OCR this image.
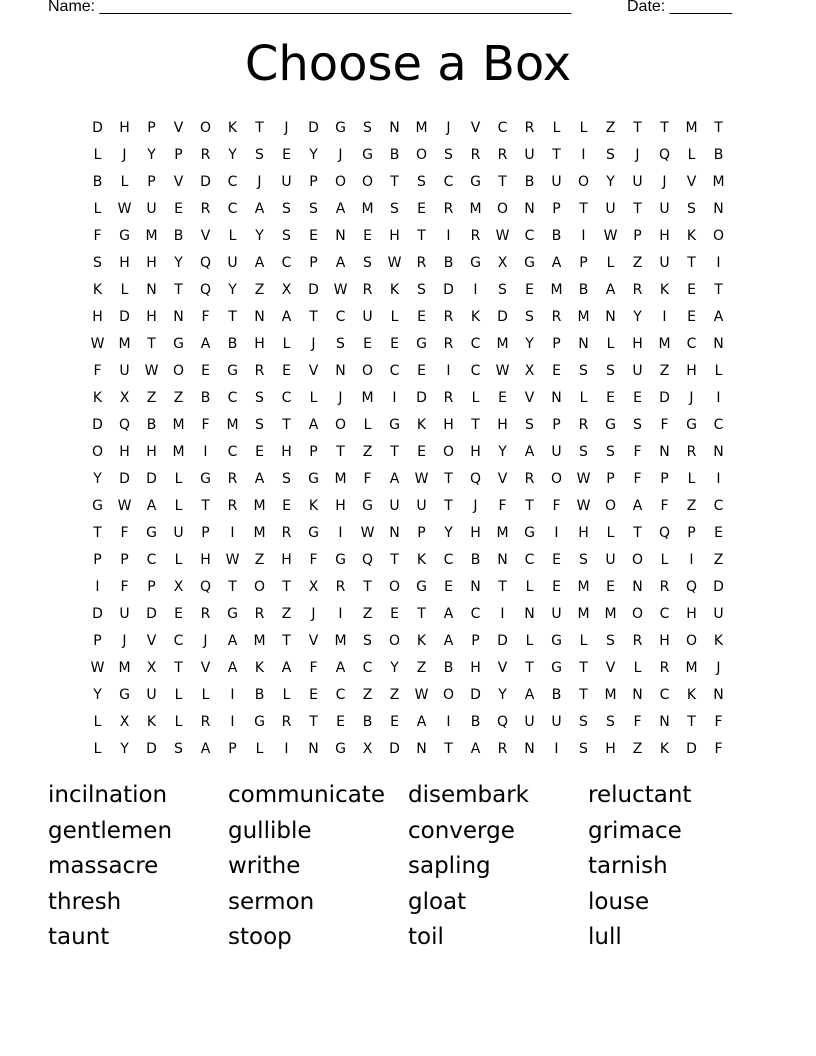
Name: _____________________________________________________	Date: _______
Choose a Box
D	H	P	V	O	K	T	J	D	G	S	N	M	J	V	C	R	L	L	Z	T	T	M	T
L	J	Y	P	R	Y	S	E	Y	J	G	B	O	S	R	R	U	T	I	S	J	Q	L	B
B	L	P	V	D	C	J	U	P	O	O	T	S	C	G	T	B	U	O	Y	U	J	V	M
L	W	U	E	R	C	A	S	S	A	M	S	E	R	M	O	N	P	T	U	T	U	S	N
F	G	M	B	V	L	Y	S	E	N	E	H	T	I	R	W	C	B	I	W	P	H	K	O
S	H	H	Y	Q	U	A	C	P	A	S	W	R	B	G	X	G	A	P	L	Z	U	T	I
K	L	N	T	Q	Y	Z	X	D	W	R	K	S	D	I	S	E	M	B	A	R	K	E	T
H	D	H	N	F	T	N	A	T	C	U	L	E	R	K	D	S	R	M	N	Y	I	E	A
W	M	T	G	A	B	H	L	J	S	E	E	G	R	C	M	Y	P	N	L	H	M	C	N
F	U	W	O	E	G	R	E	V	N	O	C	E	I	C	W	X	E	S	S	U	Z	H	L
K	X	Z	Z	B	C	S	C	L	J	M	I	D	R	L	E	V	N	L	E	E	D	J	I
D	Q	B	M	F	M	S	T	A	O	L	G	K	H	T	H	S	P	R	G	S	F	G	C
O	H	H	M	I	C	E	H	P	T	Z	T	E	O	H	Y	A	U	S	S	F	N	R	N
Y	D	D	L	G	R	A	S	G	M	F	A	W	T	Q	V	R	O	W	P	F	P	L	I
G	W	A	L	T	R	M	E	K	H	G	U	U	T	J	F	T	F	W	O	A	F	Z	C
T	F	G	U	P	I	M	R	G	I	W	N	P	Y	H	M	G	I	H	L	T	Q	P	E
P	P	C	L	H	W	Z	H	F	G	Q	T	K	C	B	N	C	E	S	U	O	L	I	Z
I	F	P	X	Q	T	O	T	X	R	T	O	G	E	N	T	L	E	M	E	N	R	Q	D
D	U	D	E	R	G	R	Z	J	I	Z	E	T	A	C	I	N	U	M	M	O	C	H	U
P	J	V	C	J	A	M	T	V	M	S	O	K	A	P	D	L	G	L	S	R	H	O	K
W	M	X	T	V	A	K	A	F	A	C	Y	Z	B	H	V	T	G	T	V	L	R	M	J
Y	G	U	L	L	I	B	L	E	C	Z	Z	W	O	D	Y	A	B	T	M	N	C	K	N
L	X	K	L	R	I	G	R	T	E	B	E	A	I	B	Q	U	U	S	S	F	N	T	F
L	Y	D	S	A	P	L	I	N	G	X	D	N	T	A	R	N	I	S	H	Z	K	D	F
incilnation	communicate	disembark	reluctant
gentlemen	gullible	converge	grimace
massacre	writhe	sapling	tarnish
thresh	sermon	gloat	louse
taunt	stoop	toil	lull
